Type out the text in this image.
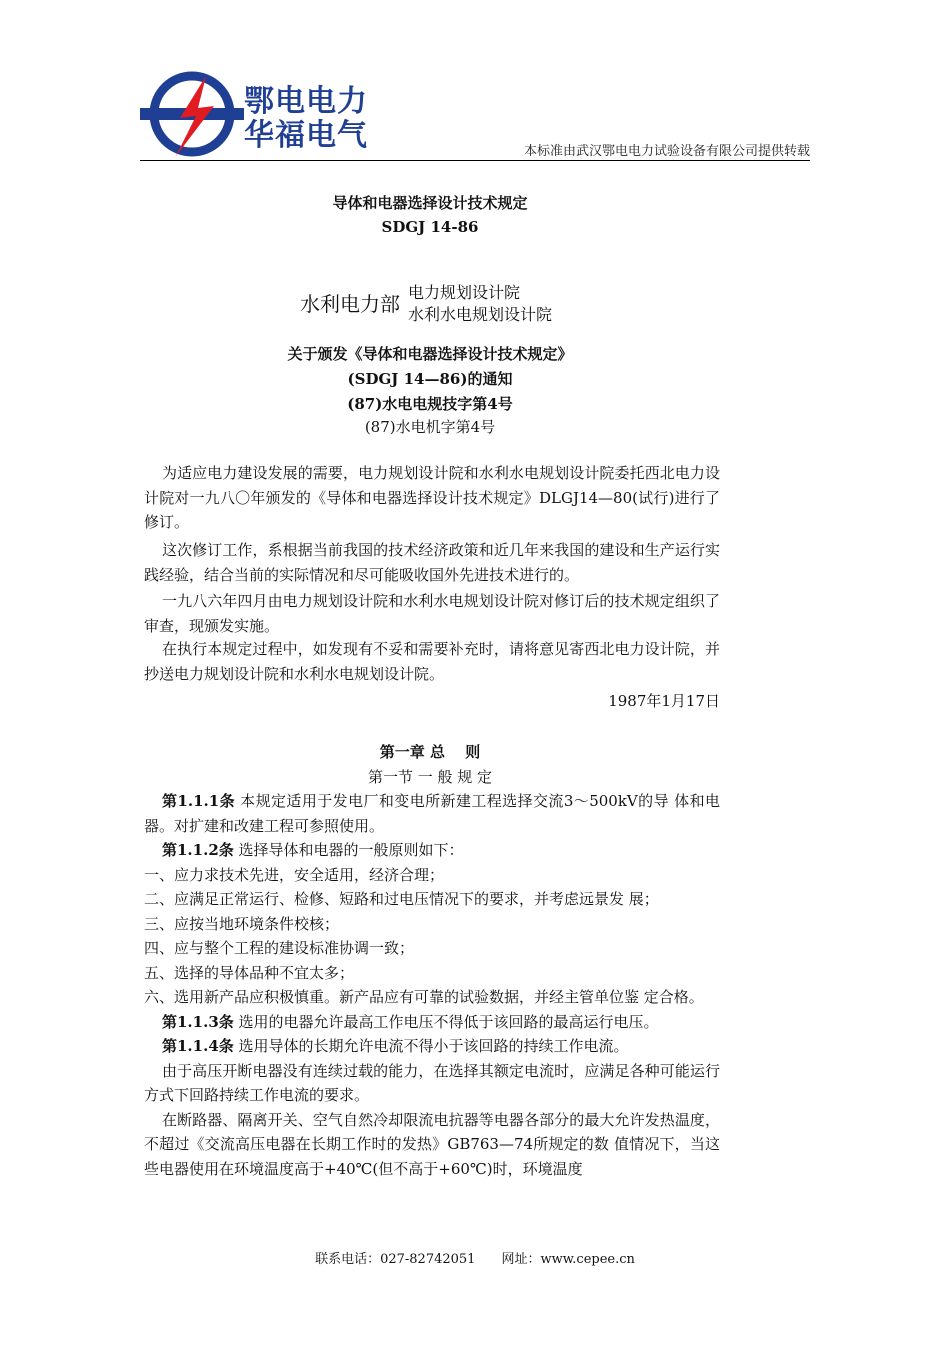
鄂电电力
华福电气	本标准由武汉鄂电电力试验设备有限公司提供转载
导体和电器选择设计技术规定
SDGJ 14-86
水利电力部 电力规划设计院
水利水电规划设计院
关于颁发《导体和电器选择设计技术规定》
(SDGJ 14—86)的通知
(87)水电电规技字第4号
(87)水电机字第4号
为适应电力建设发展的需要，电力规划设计院和水利水电规划设计院委托西北电力设计院对一九八〇年颁发的《导体和电器选择设计技术规定》DLGJ14—80(试行)进行了修订。
这次修订工作，系根据当前我国的技术经济政策和近几年来我国的建设和生产运行实践经验，结合当前的实际情况和尽可能吸收国外先进技术进行的。
一九八六年四月由电力规划设计院和水利水电规划设计院对修订后的技术规定组织了审查，现颁发实施。
在执行本规定过程中，如发现有不妥和需要补充时，请将意见寄西北电力设计院，并抄送电力规划设计院和水利水电规划设计院。
1987年1月17日
第一章 总　 则
第一节 一 般 规 定

第1.1.1条 本规定适用于发电厂和变电所新建工程选择交流3～500kV的导 体和电器。对扩建和改建工程可参照使用。

第1.1.2条 选择导体和电器的一般原则如下：

一、应力求技术先进，安全适用，经济合理；

二、应满足正常运行、检修、短路和过电压情况下的要求，并考虑远景发 展；

三、应按当地环境条件校核；

四、应与整个工程的建设标准协调一致；

五、选择的导体品种不宜太多；

六、选用新产品应积极慎重。新产品应有可靠的试验数据，并经主管单位鉴 定合格。

第1.1.3条 选用的电器允许最高工作电压不得低于该回路的最高运行电压。

第1.1.4条 选用导体的长期允许电流不得小于该回路的持续工作电流。

由于高压开断电器没有连续过载的能力，在选择其额定电流时，应满足各种可能运行方式下回路持续工作电流的要求。

在断路器、隔离开关、空气自然冷却限流电抗器等电器各部分的最大允许发热温度，不超过《交流高压电器在长期工作时的发热》GB763—74所规定的数 值情况下，当这些电器使用在环境温度高于+40℃(但不高于+60℃)时，环境温度

联系电话：027-82742051　　网址：www.cepee.cn
